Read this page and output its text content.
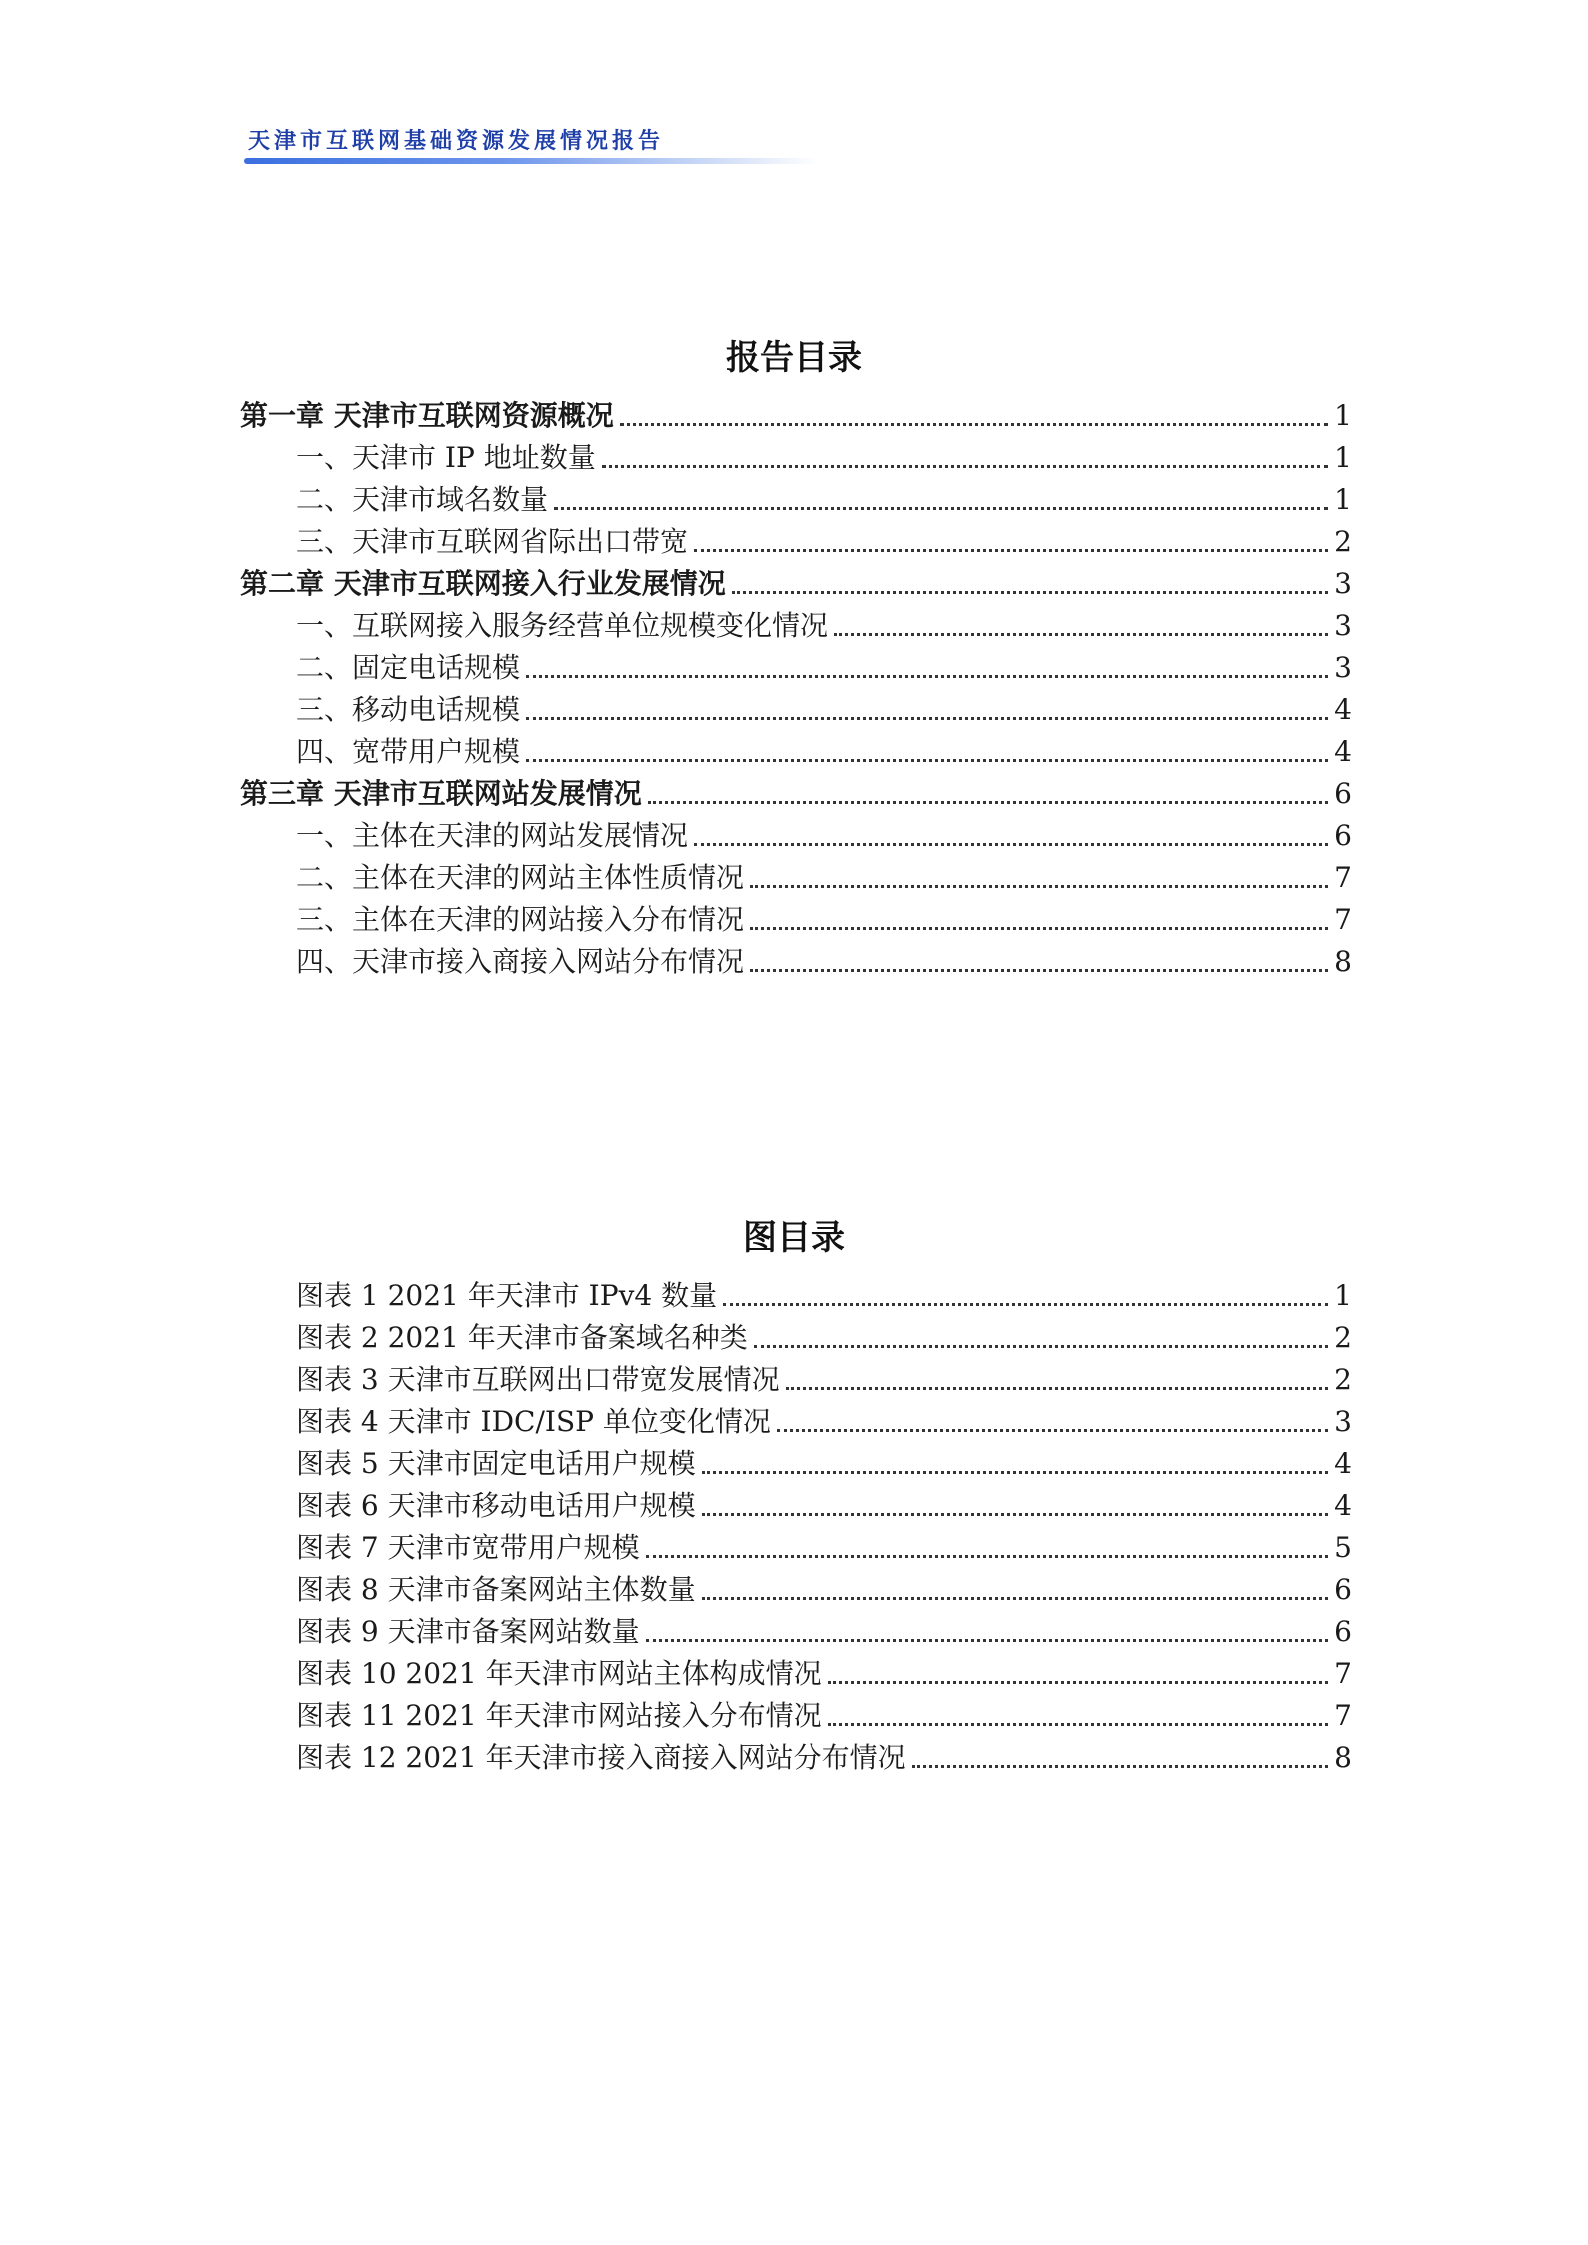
天津市互联网基础资源发展情况报告
报告目录
第一章 天津市互联网资源概况	1
一、天津市 IP 地址数量	1
二、天津市域名数量	1
三、天津市互联网省际出口带宽	2
第二章 天津市互联网接入行业发展情况	3
一、互联网接入服务经营单位规模变化情况	3
二、固定电话规模	3
三、移动电话规模	4
四、宽带用户规模	4
第三章 天津市互联网站发展情况	6
一、主体在天津的网站发展情况	6
二、主体在天津的网站主体性质情况	7
三、主体在天津的网站接入分布情况	7
四、天津市接入商接入网站分布情况	8
图目录
图表 1 2021 年天津市 IPv4 数量	1
图表 2 2021 年天津市备案域名种类	2
图表 3 天津市互联网出口带宽发展情况	2
图表 4 天津市 IDC/ISP 单位变化情况	3
图表 5 天津市固定电话用户规模	4
图表 6 天津市移动电话用户规模	4
图表 7 天津市宽带用户规模	5
图表 8 天津市备案网站主体数量	6
图表 9 天津市备案网站数量	6
图表 10 2021 年天津市网站主体构成情况	7
图表 11 2021 年天津市网站接入分布情况	7
图表 12 2021 年天津市接入商接入网站分布情况	8
